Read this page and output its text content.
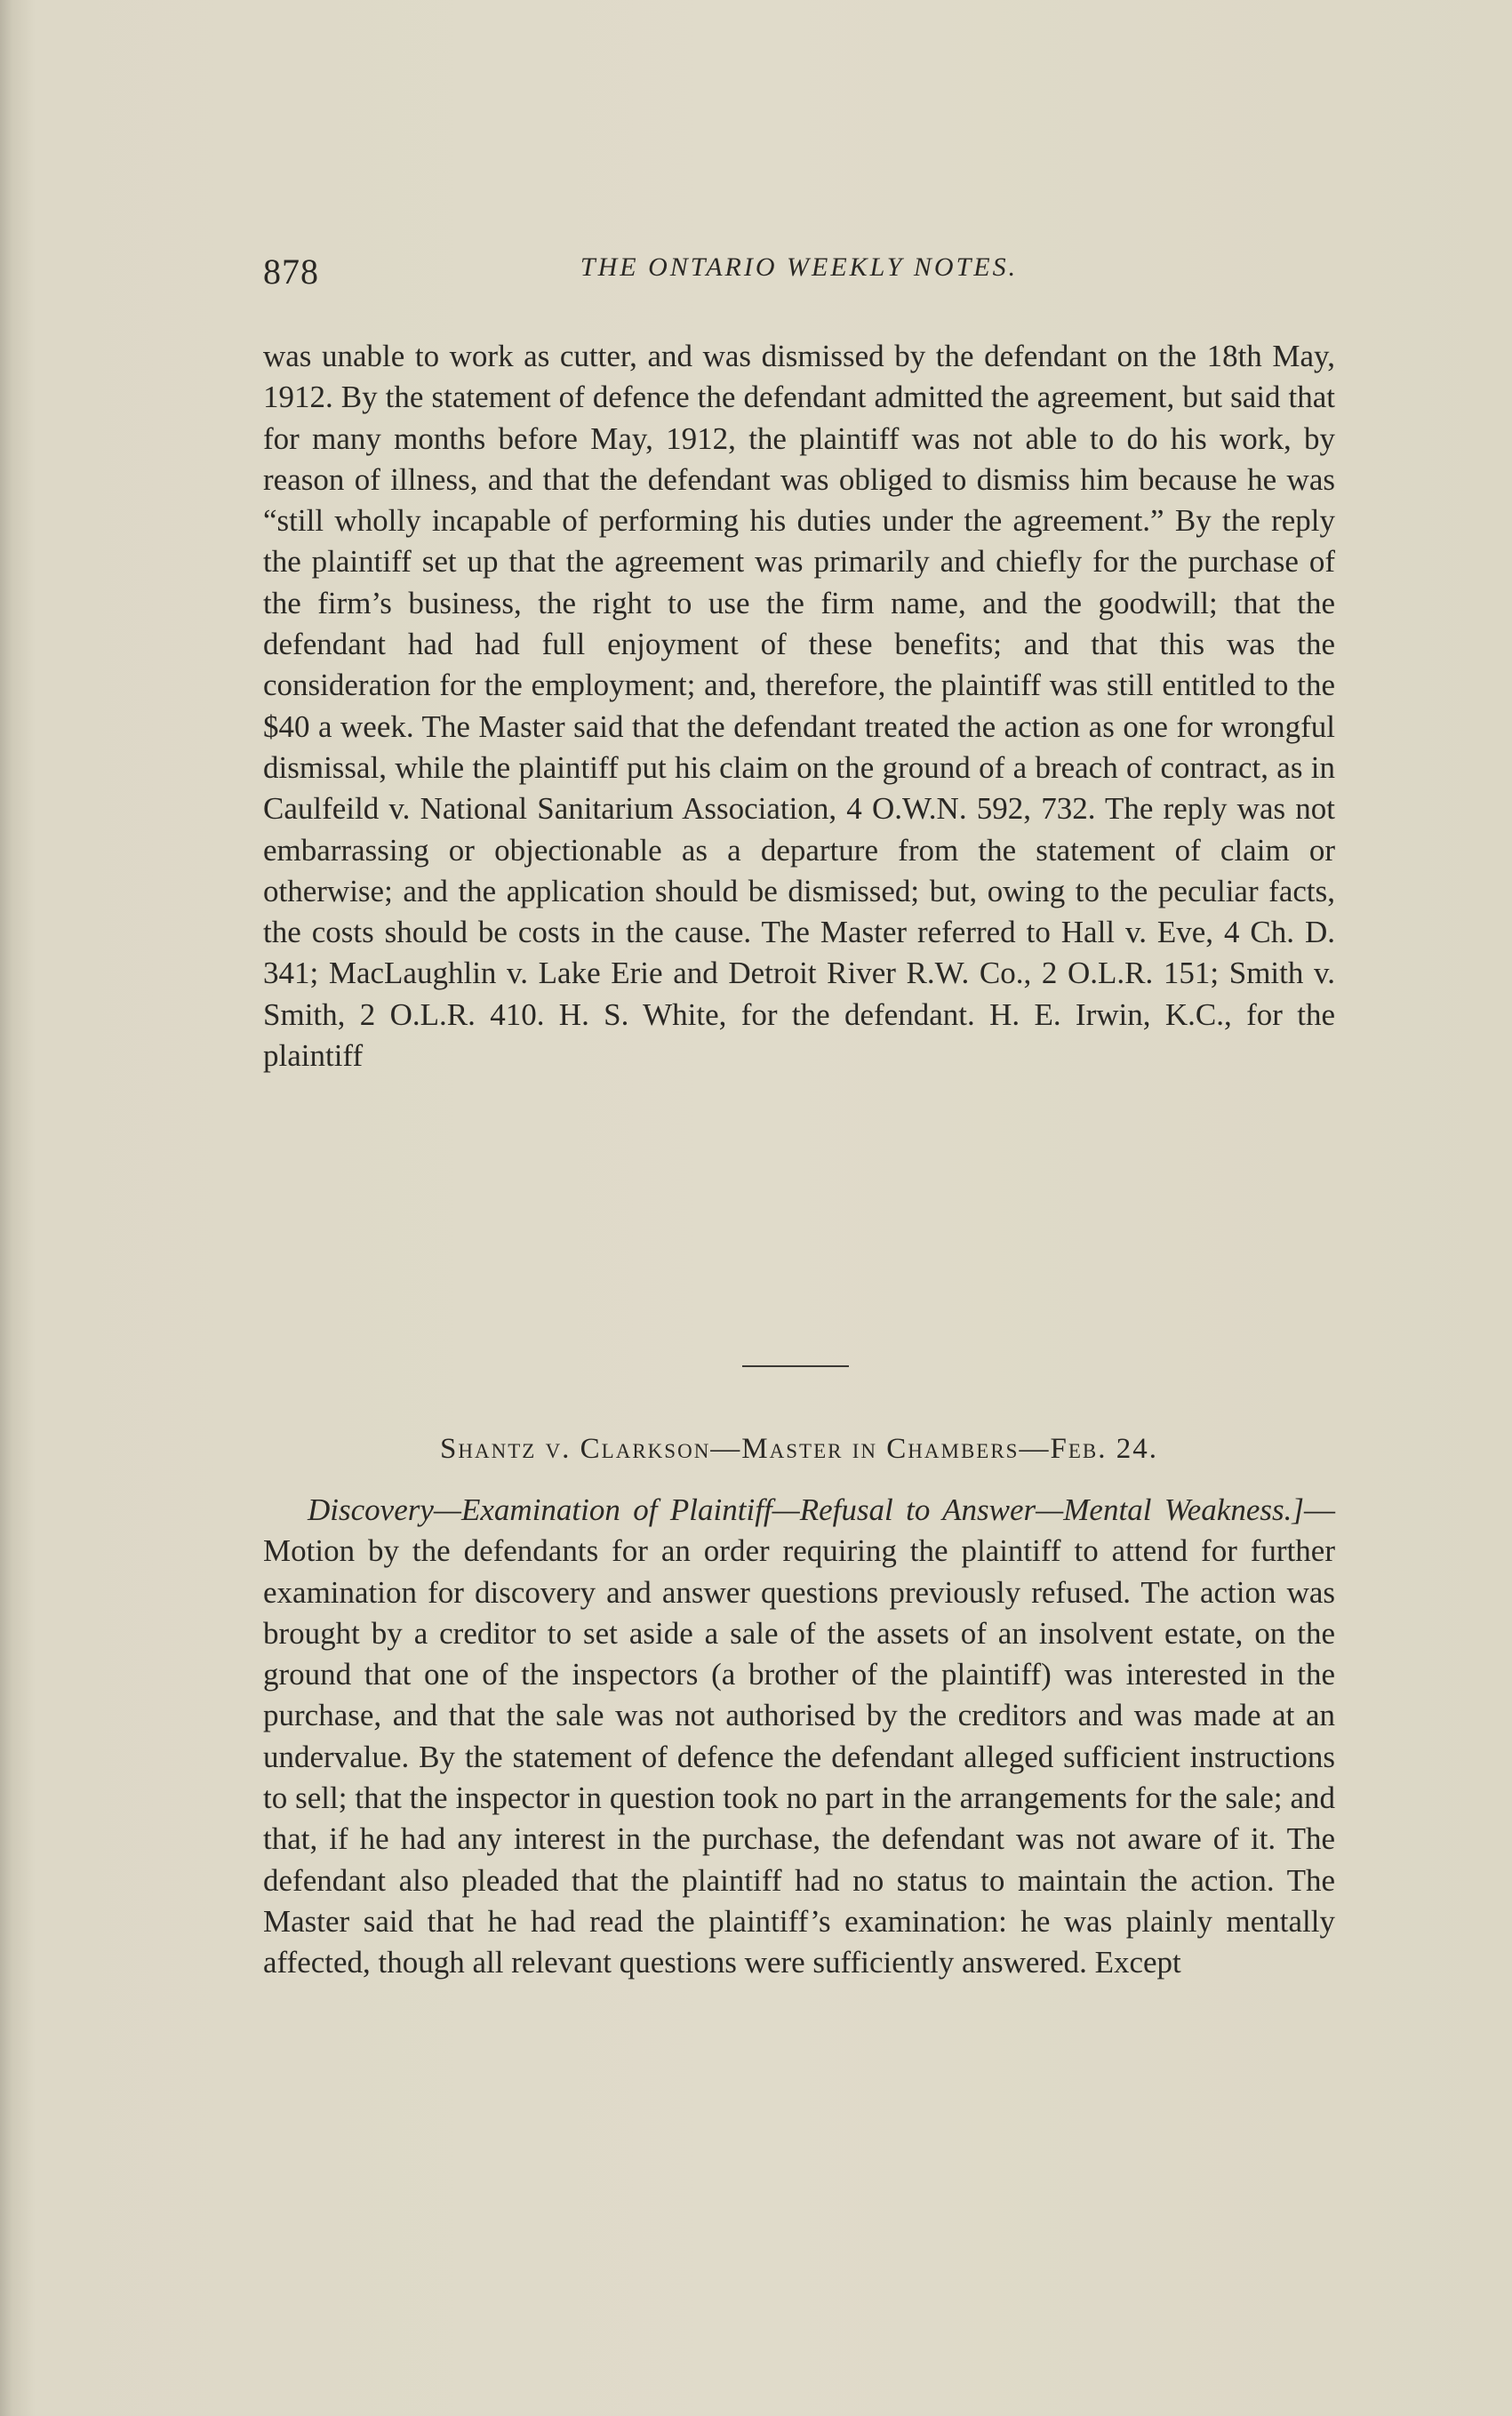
878	THE ONTARIO WEEKLY NOTES.

was unable to work as cutter, and was dismissed by the defendant on the 18th May, 1912. By the statement of defence the defendant admitted the agreement, but said that for many months before May, 1912, the plaintiff was not able to do his work, by reason of illness, and that the defendant was obliged to dismiss him because he was “still wholly incapable of performing his duties under the agreement.” By the reply the plaintiff set up that the agreement was primarily and chiefly for the purchase of the firm’s business, the right to use the firm name, and the goodwill; that the defendant had had full enjoyment of these benefits; and that this was the consideration for the employment; and, therefore, the plaintiff was still entitled to the $40 a week. The Master said that the defendant treated the action as one for wrongful dismissal, while the plaintiff put his claim on the ground of a breach of contract, as in Caulfeild v. National Sanitarium Association, 4 O.W.N. 592, 732. The reply was not embarrassing or objectionable as a departure from the statement of claim or otherwise; and the application should be dismissed; but, owing to the peculiar facts, the costs should be costs in the cause. The Master referred to Hall v. Eve, 4 Ch. D. 341; MacLaughlin v. Lake Erie and Detroit River R.W. Co., 2 O.L.R. 151; Smith v. Smith, 2 O.L.R. 410. H. S. White, for the defendant. H. E. Irwin, K.C., for the plaintiff

Shantz v. Clarkson—Master in Chambers—Feb. 24.

Discovery—Examination of Plaintiff—Refusal to Answer—Mental Weakness.]—Motion by the defendants for an order requiring the plaintiff to attend for further examination for discovery and answer questions previously refused. The action was brought by a creditor to set aside a sale of the assets of an insolvent estate, on the ground that one of the inspectors (a brother of the plaintiff) was interested in the purchase, and that the sale was not authorised by the creditors and was made at an undervalue. By the statement of defence the defendant alleged sufficient instructions to sell; that the inspector in question took no part in the arrangements for the sale; and that, if he had any interest in the purchase, the defendant was not aware of it. The defendant also pleaded that the plaintiff had no status to maintain the action. The Master said that he had read the plaintiff’s examination: he was plainly mentally affected, though all relevant questions were sufficiently answered. Except
